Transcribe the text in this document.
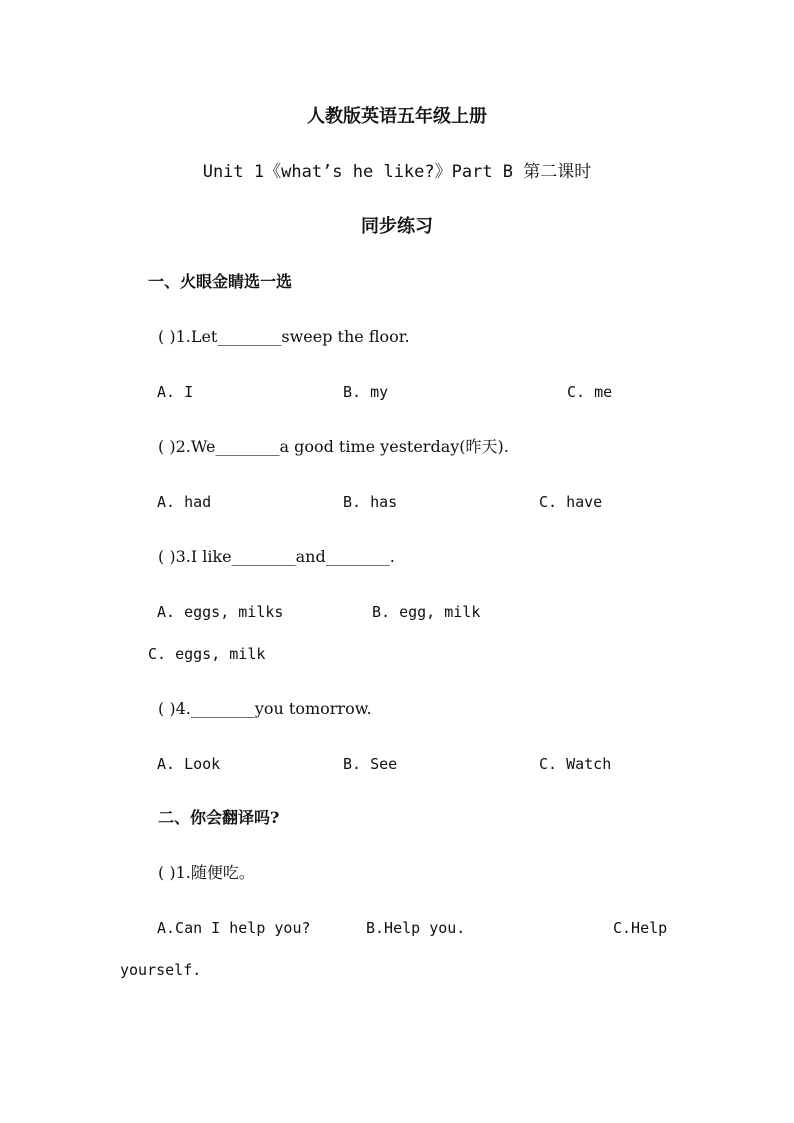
人教版英语五年级上册
Unit 1《what’s he like?》Part B 第二课时
同步练习
一、火眼金睛选一选
( )1.Let________sweep the floor.
A. I	B. my	C. me
( )2.We________a good time yesterday(昨天).
A. had	B. has	C. have
( )3.I like________and________.
A. eggs, milks	B. egg, milk
C. eggs, milk
( )4.________you tomorrow.
A. Look	B. See	C. Watch
二、你会翻译吗?
( )1.随便吃。
A.Can I help you?	B.Help you.	C.Help
yourself.
